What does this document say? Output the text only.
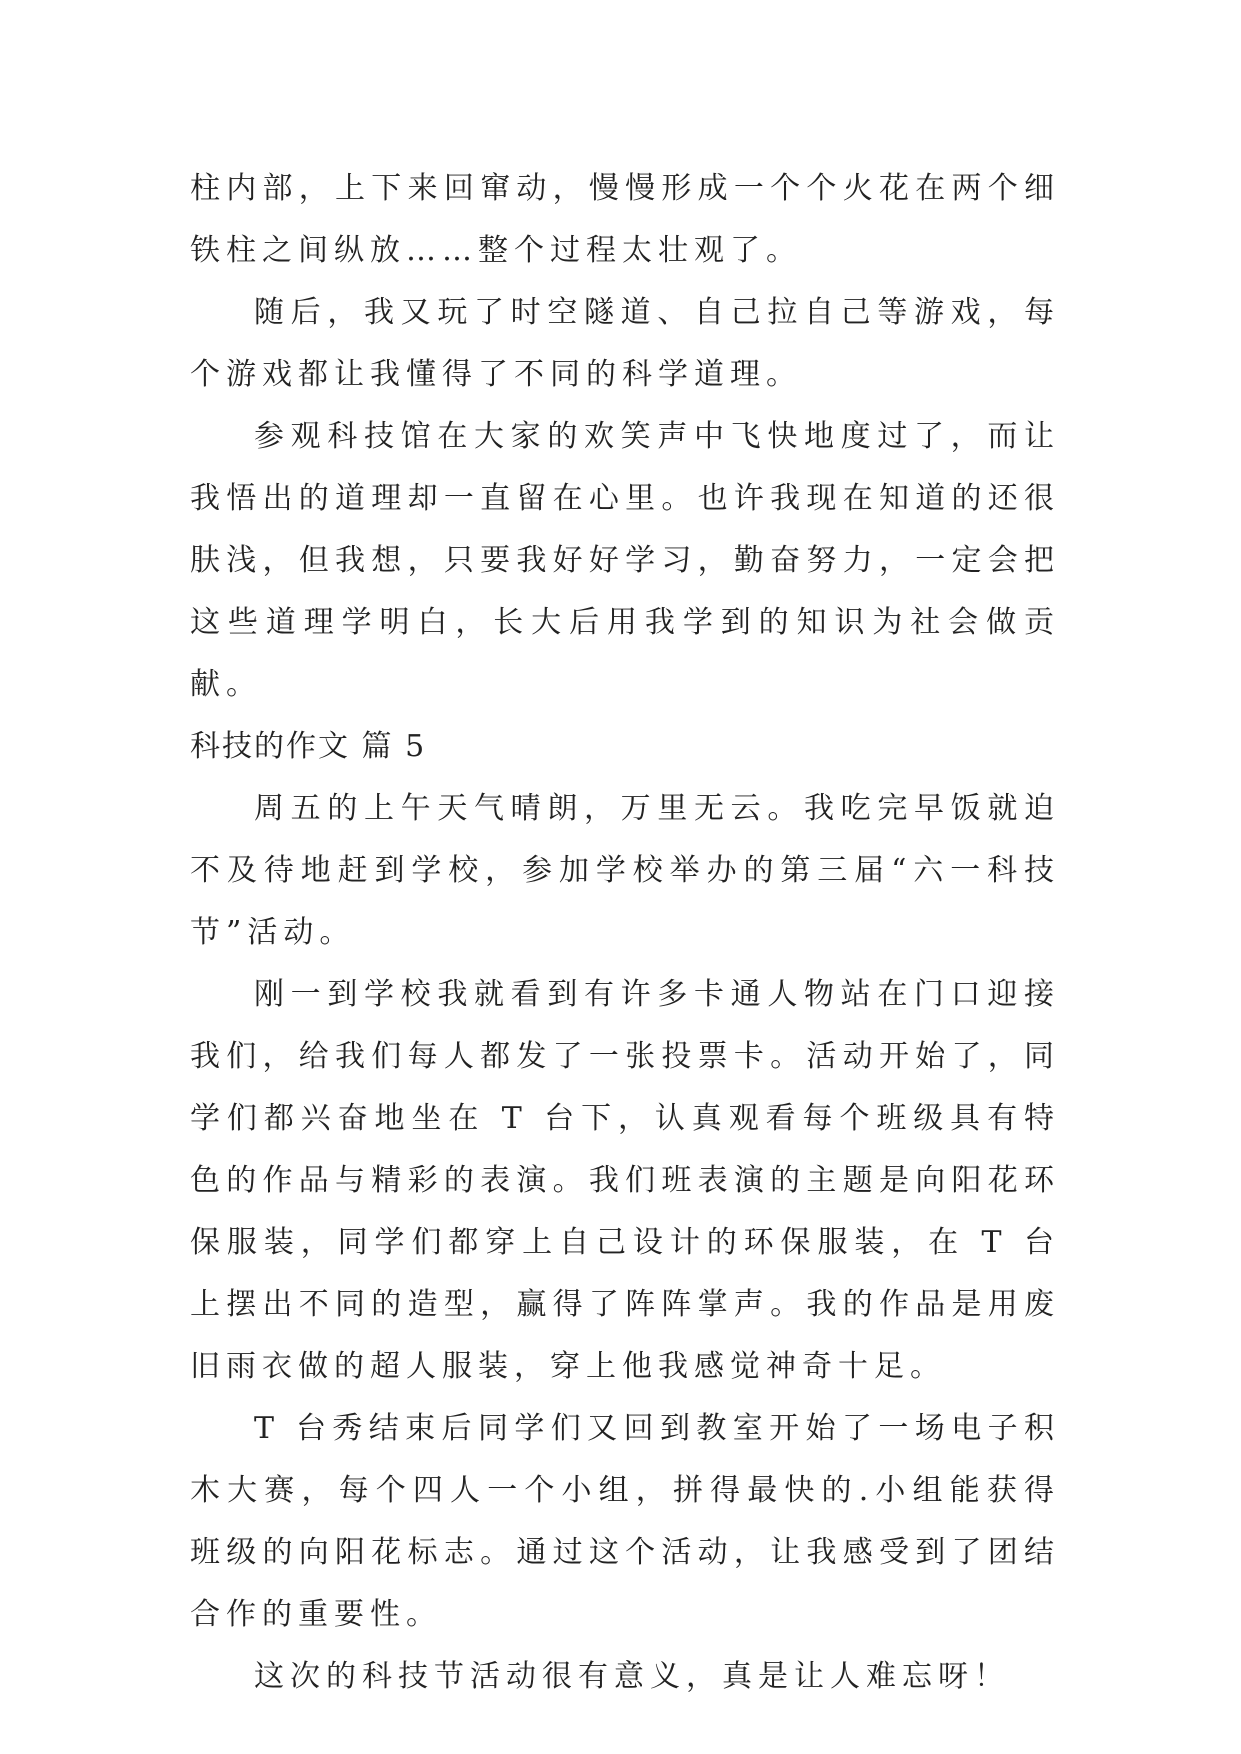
柱内部，上下来回窜动，慢慢形成一个个火花在两个细铁柱之间纵放……整个过程太壮观了。

随后，我又玩了时空隧道、自己拉自己等游戏，每个游戏都让我懂得了不同的科学道理。

参观科技馆在大家的欢笑声中飞快地度过了，而让我悟出的道理却一直留在心里。也许我现在知道的还很肤浅，但我想，只要我好好学习，勤奋努力，一定会把这些道理学明白，长大后用我学到的知识为社会做贡献。

科技的作文 篇 5

周五的上午天气晴朗，万里无云。我吃完早饭就迫不及待地赶到学校，参加学校举办的第三届“六一科技节”活动。

刚一到学校我就看到有许多卡通人物站在门口迎接我们，给我们每人都发了一张投票卡。活动开始了，同学们都兴奋地坐在 T 台下，认真观看每个班级具有特色的作品与精彩的表演。我们班表演的主题是向阳花环保服装，同学们都穿上自己设计的环保服装，在 T 台上摆出不同的造型，赢得了阵阵掌声。我的作品是用废旧雨衣做的超人服装，穿上他我感觉神奇十足。

T 台秀结束后同学们又回到教室开始了一场电子积木大赛，每个四人一个小组，拼得最快的.小组能获得班级的向阳花标志。通过这个活动，让我感受到了团结合作的重要性。

这次的科技节活动很有意义，真是让人难忘呀！
